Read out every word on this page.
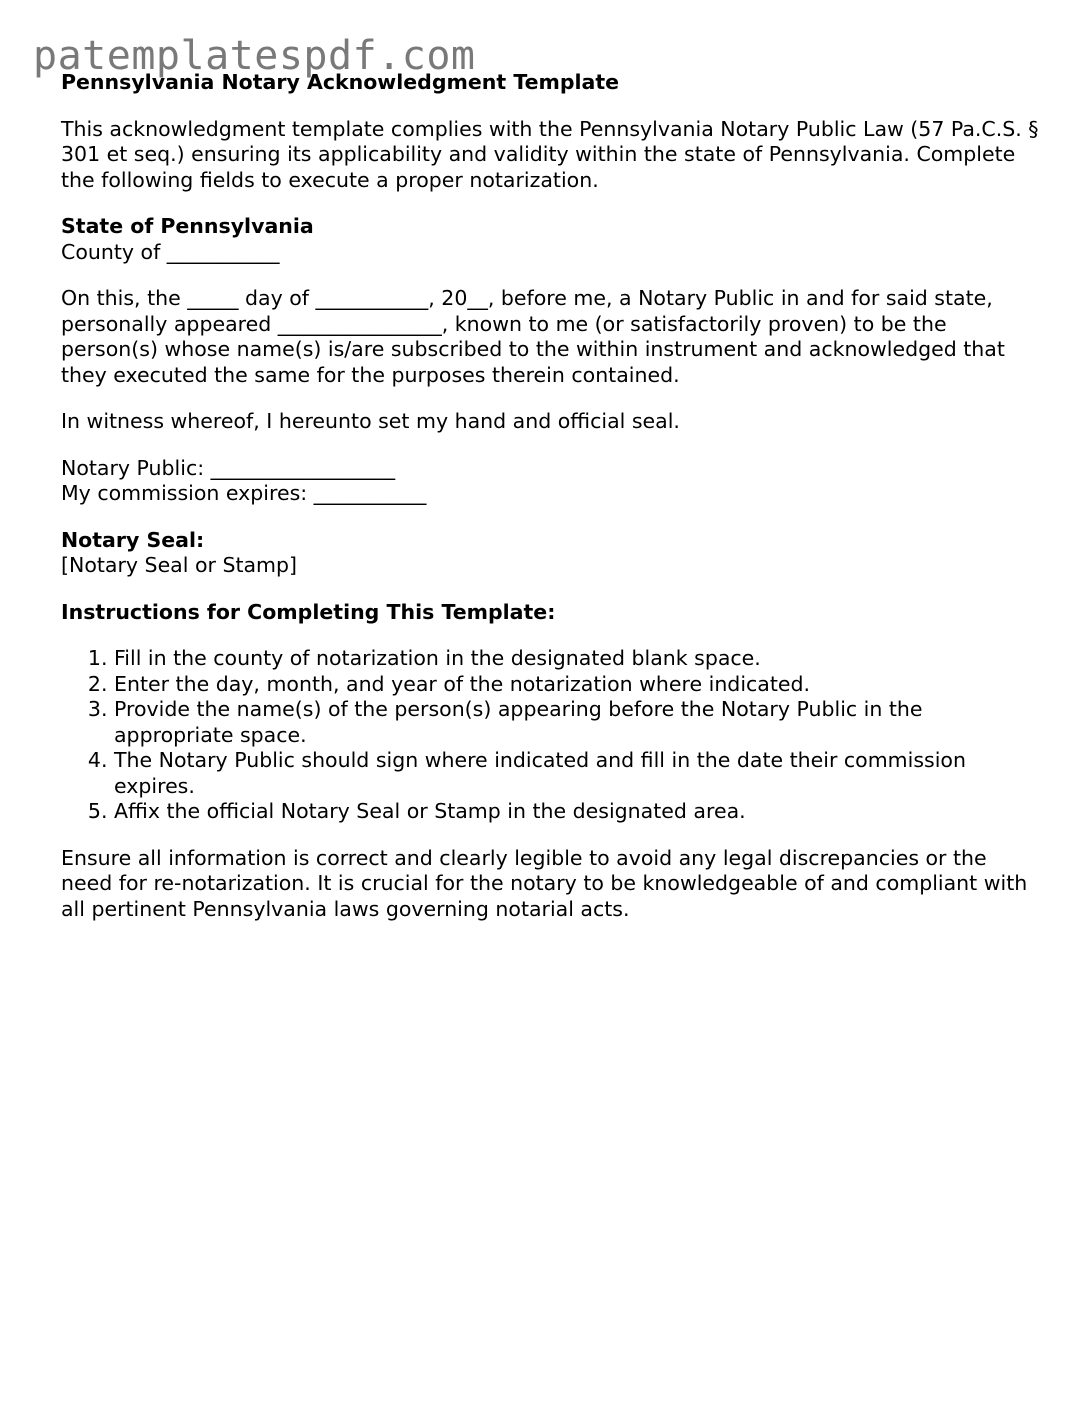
patemplatespdf.com
Pennsylvania Notary Acknowledgment Template

This acknowledgment template complies with the Pennsylvania Notary Public Law (57 Pa.C.S. § 301 et seq.) ensuring its applicability and validity within the state of Pennsylvania. Complete the following fields to execute a proper notarization.

State of Pennsylvania
County of ___________

On this, the _____ day of ___________, 20__, before me, a Notary Public in and for said state, personally appeared ________________, known to me (or satisfactorily proven) to be the person(s) whose name(s) is/are subscribed to the within instrument and acknowledged that they executed the same for the purposes therein contained.

In witness whereof, I hereunto set my hand and official seal.

Notary Public: __________________
My commission expires: ___________
Notary Seal:
[Notary Seal or Stamp]

Instructions for Completing This Template:

1. Fill in the county of notarization in the designated blank space.
2. Enter the day, month, and year of the notarization where indicated.
3. Provide the name(s) of the person(s) appearing before the Notary Public in the appropriate space.
4. The Notary Public should sign where indicated and fill in the date their commission expires.
5. Affix the official Notary Seal or Stamp in the designated area.

Ensure all information is correct and clearly legible to avoid any legal discrepancies or the need for re-notarization. It is crucial for the notary to be knowledgeable of and compliant with all pertinent Pennsylvania laws governing notarial acts.
